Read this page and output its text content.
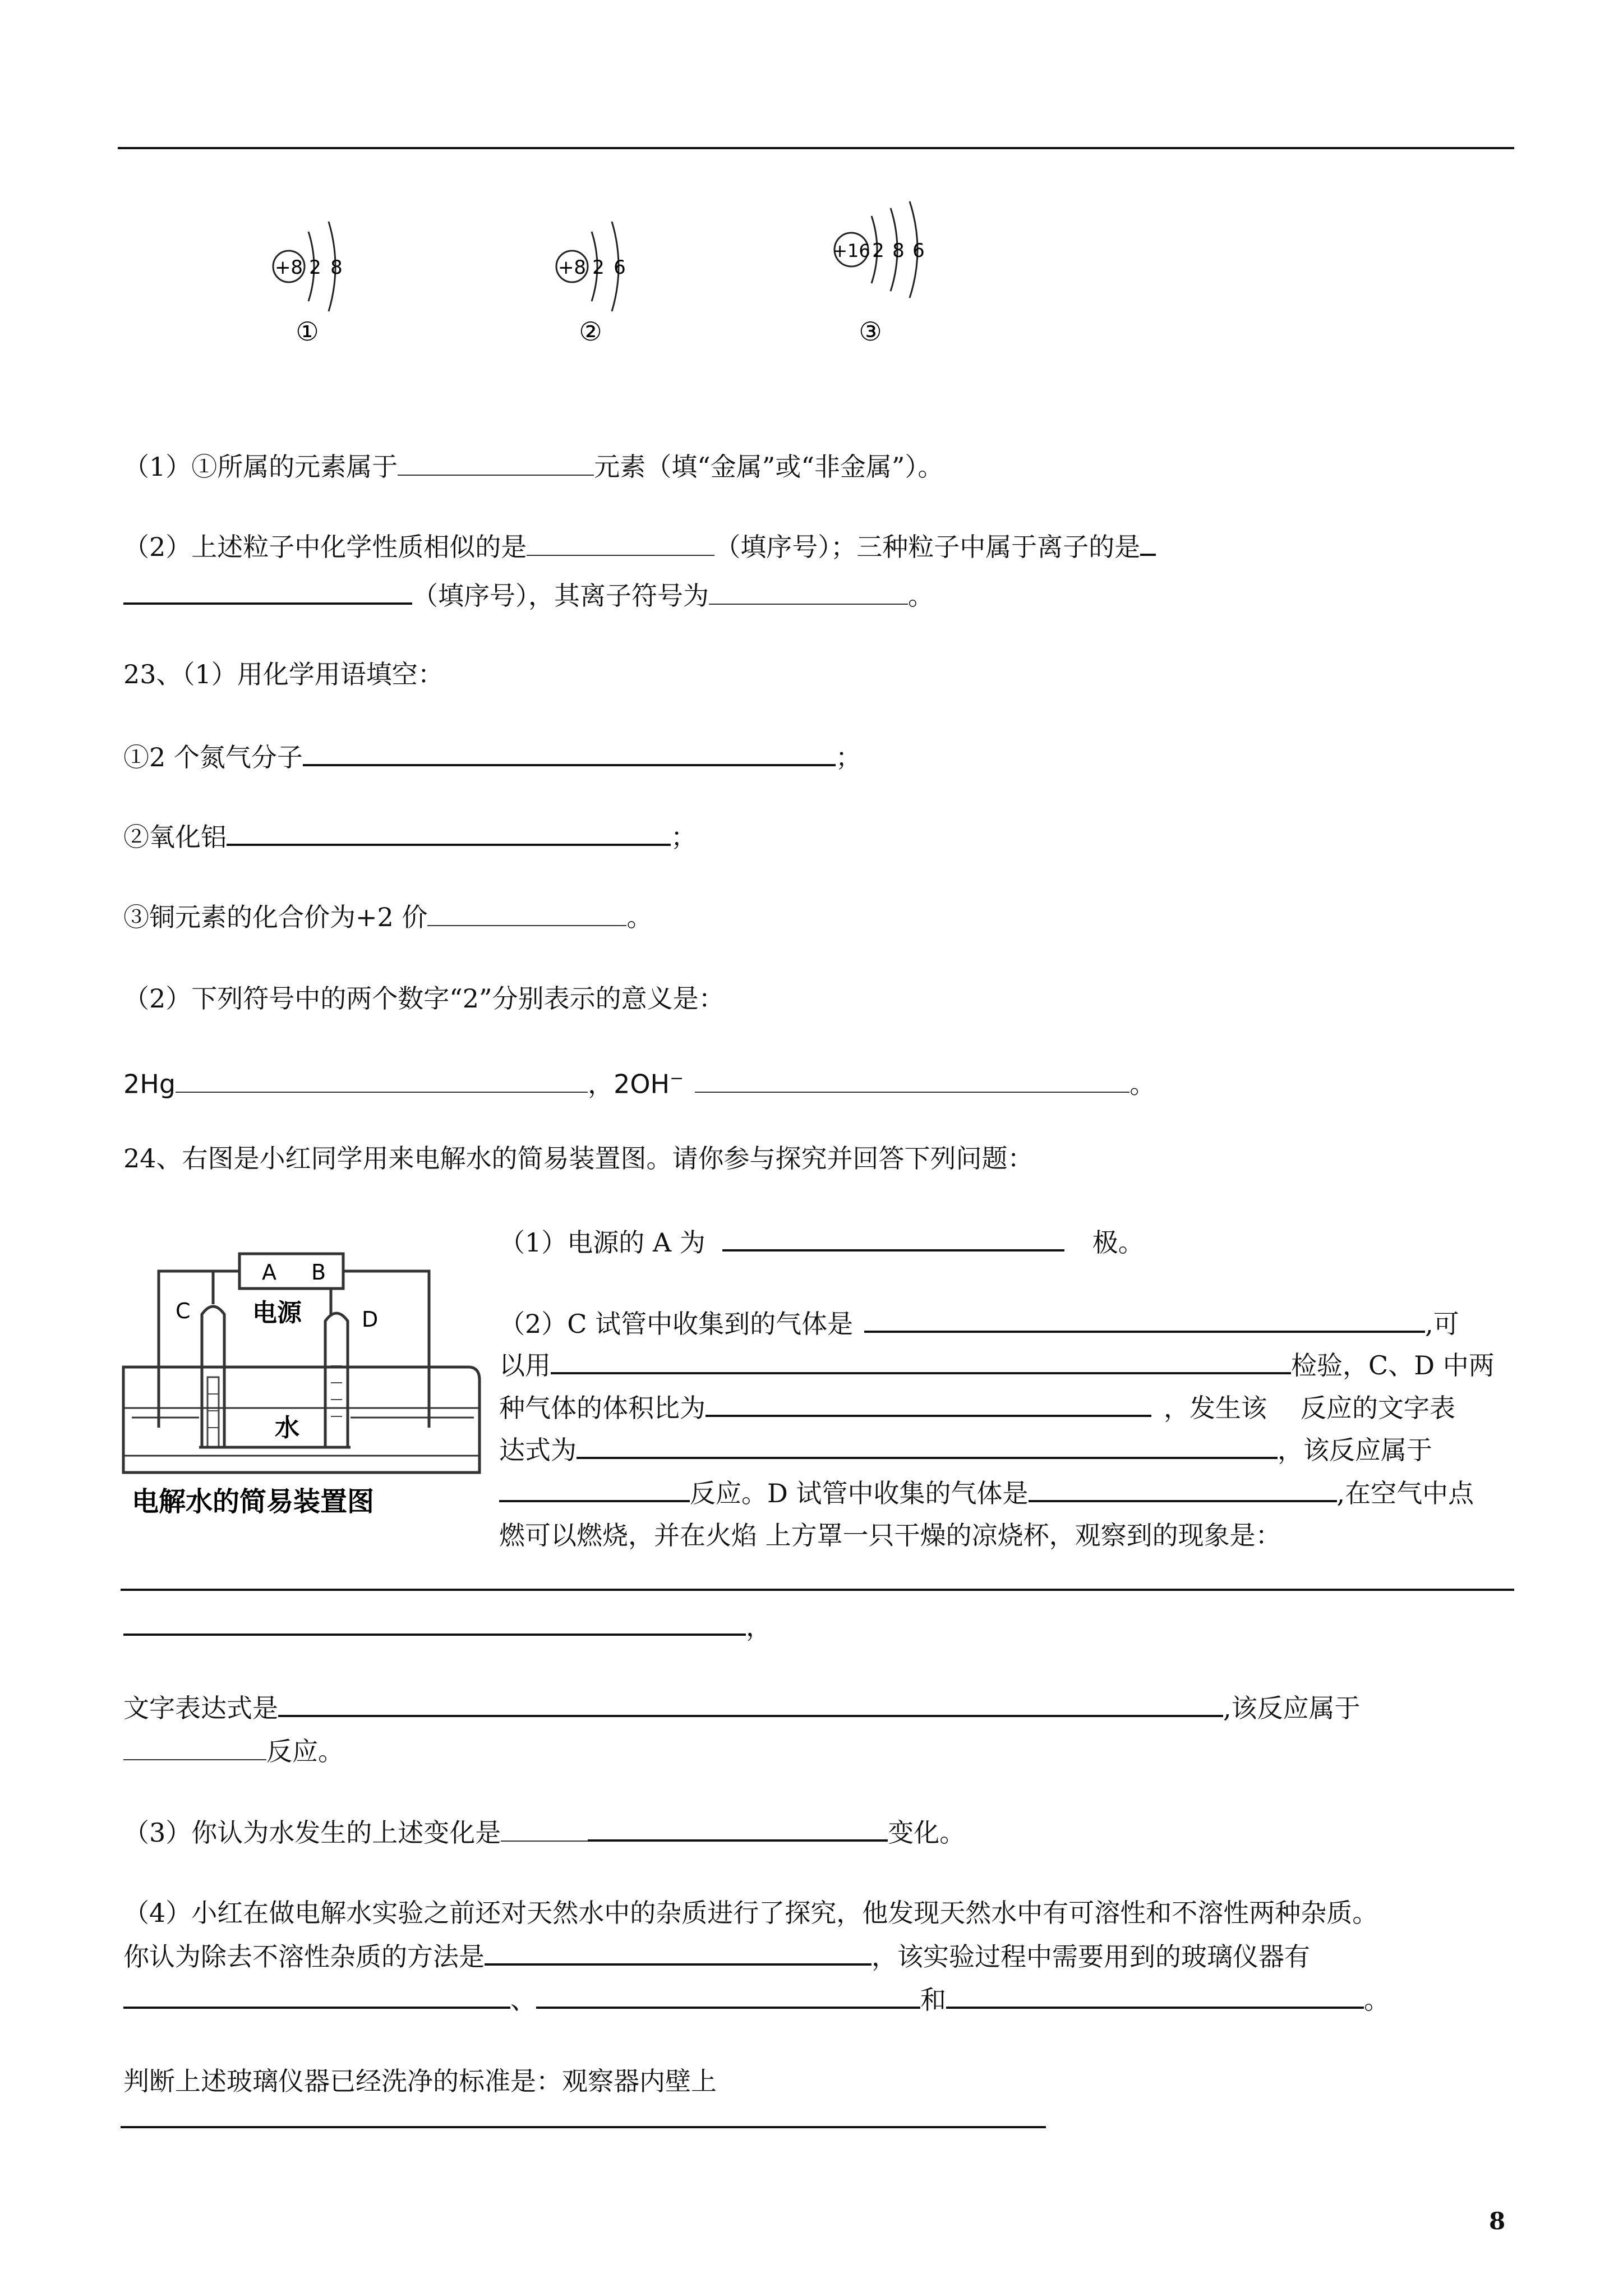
+8 2 8
①
+8 2 6
②
+16 2 8 6
③
（1）①所属的元素属于	元素（填“金属”或“非金属”）。
（2）上述粒子中化学性质相似的是	（填序号）；三种粒子中属于离子的是
（填序号），其离子符号为	。
23、（1）用化学用语填空：
①2 个氮气分子	；
②氧化铝	；
③铜元素的化合价为+2 价	。
（2）下列符号中的两个数字“2”分别表示的意义是：
2Hg	，2OH−	。
24、右图是小红同学用来电解水的简易装置图。请你参与探究并回答下列问题：
A B
C	D
电源
水
电解水的简易装置图
（1）电源的 A 为	极。
（2）C 试管中收集到的气体是	,可
以用	检验，C、D 中两
种气体的体积比为	，发生该 反应的文字表
达式为	，该反应属于
反应。D 试管中收集的气体是	,在空气中点
燃可以燃烧，并在火焰 上方罩一只干燥的凉烧杯，观察到的现象是：
，
文字表达式是	,该反应属于
反应。
（3）你认为水发生的上述变化是	变化。
（4）小红在做电解水实验之前还对天然水中的杂质进行了探究，他发现天然水中有可溶性和不溶性两种杂质。
你认为除去不溶性杂质的方法是	，该实验过程中需要用到的玻璃仪器有
、	和	。
判断上述玻璃仪器已经洗净的标准是：观察器内壁上
8
